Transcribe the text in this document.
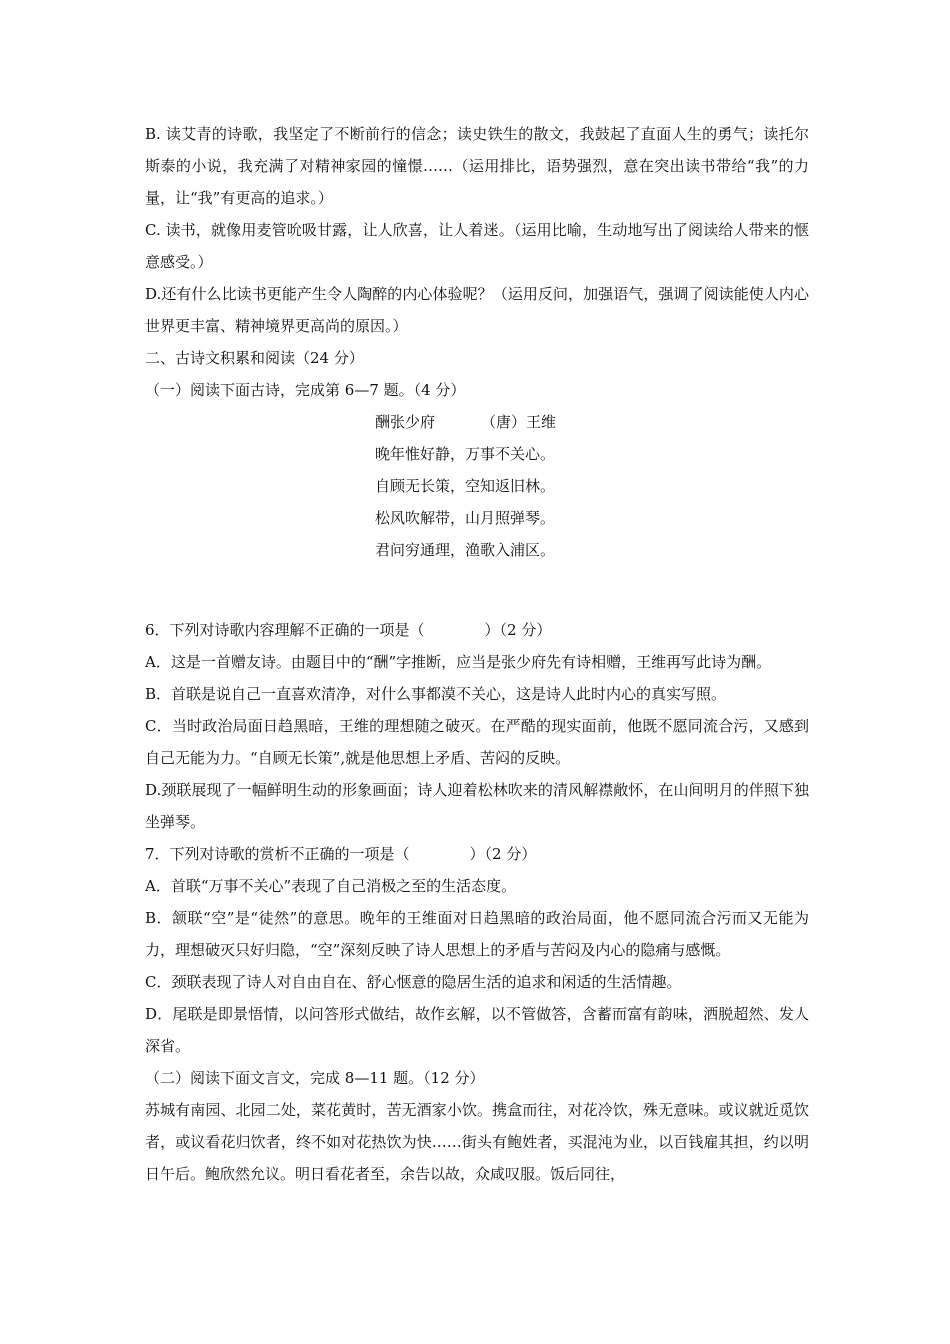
B. 读艾青的诗歌，我坚定了不断前行的信念；读史铁生的散文，我鼓起了直面人生的勇气；读托尔斯泰的小说，我充满了对精神家园的憧憬……（运用排比，语势强烈，意在突出读书带给“我”的力量，让“我”有更高的追求。）

C. 读书，就像用麦管吮吸甘露，让人欣喜，让人着迷。（运用比喻，生动地写出了阅读给人带来的惬意感受。）

D.还有什么比读书更能产生令人陶醉的内心体验呢？（运用反问，加强语气，强调了阅读能使人内心世界更丰富、精神境界更高尚的原因。）

二、古诗文积累和阅读（24 分）

（一）阅读下面古诗，完成第 6—7 题。（4 分）

酬张少府	（唐）王维
晚年惟好静，万事不关心。
自顾无长策，空知返旧林。
松风吹解带，山月照弹琴。
君问穷通理，渔歌入浦区。

6．下列对诗歌内容理解不正确的一项是（　　　　）（2 分）

A．这是一首赠友诗。由题目中的“酬”字推断，应当是张少府先有诗相赠，王维再写此诗为酬。

B．首联是说自己一直喜欢清净，对什么事都漠不关心，这是诗人此时内心的真实写照。

C．当时政治局面日趋黑暗，王维的理想随之破灭。在严酷的现实面前，他既不愿同流合污，又感到自己无能为力。“自顾无长策”,就是他思想上矛盾、苦闷的反映。

D.颈联展现了一幅鲜明生动的形象画面；诗人迎着松林吹来的清风解襟敞怀，在山间明月的伴照下独坐弹琴。

7．下列对诗歌的赏析不正确的一项是（　　　　）（2 分）

A．首联“万事不关心”表现了自己消极之至的生活态度。

B．颔联“空”是“徒然”的意思。晚年的王维面对日趋黑暗的政治局面，他不愿同流合污而又无能为力，理想破灭只好归隐，“空”深刻反映了诗人思想上的矛盾与苦闷及内心的隐痛与感慨。

C．颈联表现了诗人对自由自在、舒心惬意的隐居生活的追求和闲适的生活情趣。

D．尾联是即景悟情，以问答形式做结，故作玄解，以不管做答，含蓄而富有韵味，洒脱超然、发人深省。

（二）阅读下面文言文，完成 8—11 题。（12 分）

苏城有南园、北园二处，菜花黄时，苦无酒家小饮。携盒而往，对花冷饮，殊无意味。或议就近觅饮者，或议看花归饮者，终不如对花热饮为快……街头有鲍姓者，买混沌为业，以百钱雇其担，约以明日午后。鲍欣然允议。明日看花者至，余告以故，众咸叹服。饭后同往，
